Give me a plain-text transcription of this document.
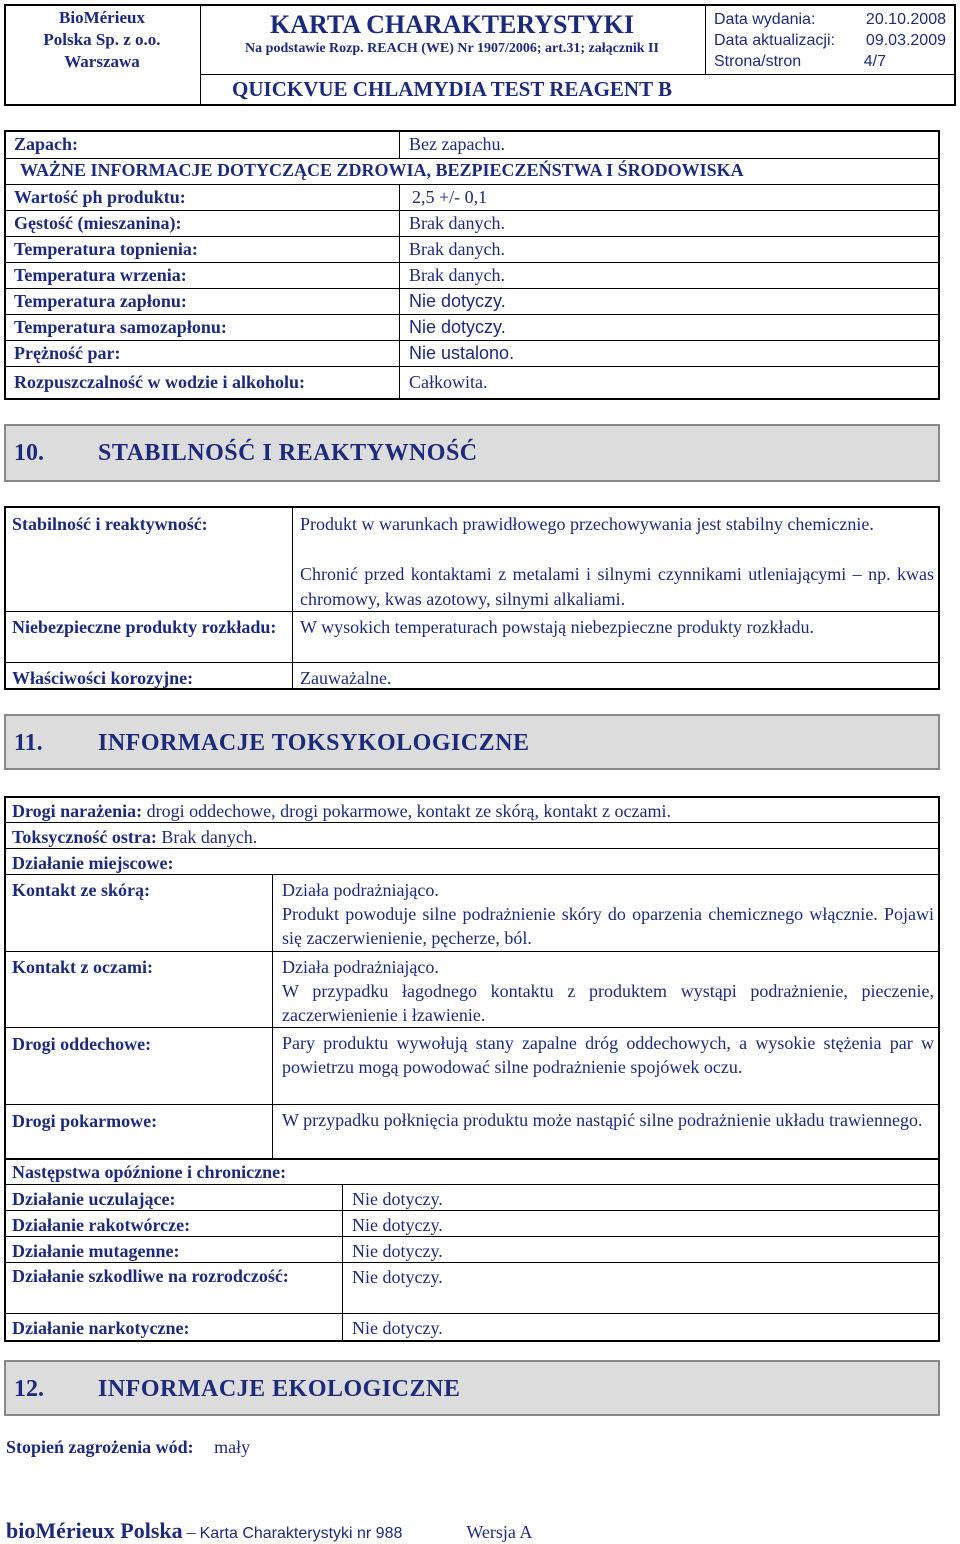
BioMérieux
Polska Sp. z o.o.
Warszawa
KARTA CHARAKTERYSTYKI
Na podstawie Rozp. REACH (WE) Nr 1907/2006; art.31; załącznik II
Data wydania:	20.10.2008
Data aktualizacji: 09.03.2009
Strona/stron	4/7
QUICKVUE CHLAMYDIA TEST REAGENT B
Zapach:	Bez zapachu.
WAŻNE INFORMACJE DOTYCZĄCE ZDROWIA, BEZPIECZEŃSTWA I ŚRODOWISKA
Wartość ph produktu:	2,5 +/- 0,1
Gęstość (mieszanina):	Brak danych.
Temperatura topnienia:	Brak danych.
Temperatura wrzenia:	Brak danych.
Temperatura zapłonu:	Nie dotyczy.
Temperatura samozapłonu:	Nie dotyczy.
Prężność par:	Nie ustalono.
Rozpuszczalność w wodzie i alkoholu:	Całkowita.
10. STABILNOŚĆ I REAKTYWNOŚĆ
Stabilność i reaktywność:	Produkt w warunkach prawidłowego przechowywania jest stabilny chemicznie.
Chronić przed kontaktami z metalami i silnymi czynnikami utleniającymi – np. kwas chromowy, kwas azotowy, silnymi alkaliami.
Niebezpieczne produkty rozkładu:	W wysokich temperaturach powstają niebezpieczne produkty rozkładu.
Właściwości korozyjne:	Zauważalne.
11. INFORMACJE TOKSYKOLOGICZNE
Drogi narażenia: drogi oddechowe, drogi pokarmowe, kontakt ze skórą, kontakt z oczami.
Toksyczność ostra: Brak danych.
Działanie miejscowe:
Kontakt ze skórą:	Działa podrażniająco.
Produkt powoduje silne podrażnienie skóry do oparzenia chemicznego włącznie. Pojawi się zaczerwienienie, pęcherze, ból.
Kontakt z oczami:	Działa podrażniająco.
W przypadku łagodnego kontaktu z produktem wystąpi podrażnienie, pieczenie, zaczerwienienie i łzawienie.
Drogi oddechowe:	Pary produktu wywołują stany zapalne dróg oddechowych, a wysokie stężenia par w powietrzu mogą powodować silne podrażnienie spojówek oczu.
Drogi pokarmowe:	W przypadku połknięcia produktu może nastąpić silne podrażnienie układu trawiennego.
Następstwa opóźnione i chroniczne:
Działanie uczulające:	Nie dotyczy.
Działanie rakotwórcze:	Nie dotyczy.
Działanie mutagenne:	Nie dotyczy.
Działanie szkodliwe na rozrodczość:	Nie dotyczy.
Działanie narkotyczne:	Nie dotyczy.
12. INFORMACJE EKOLOGICZNE
Stopień zagrożenia wód: mały
bioMérieux Polska – Karta Charakterystyki nr 988	Wersja A
